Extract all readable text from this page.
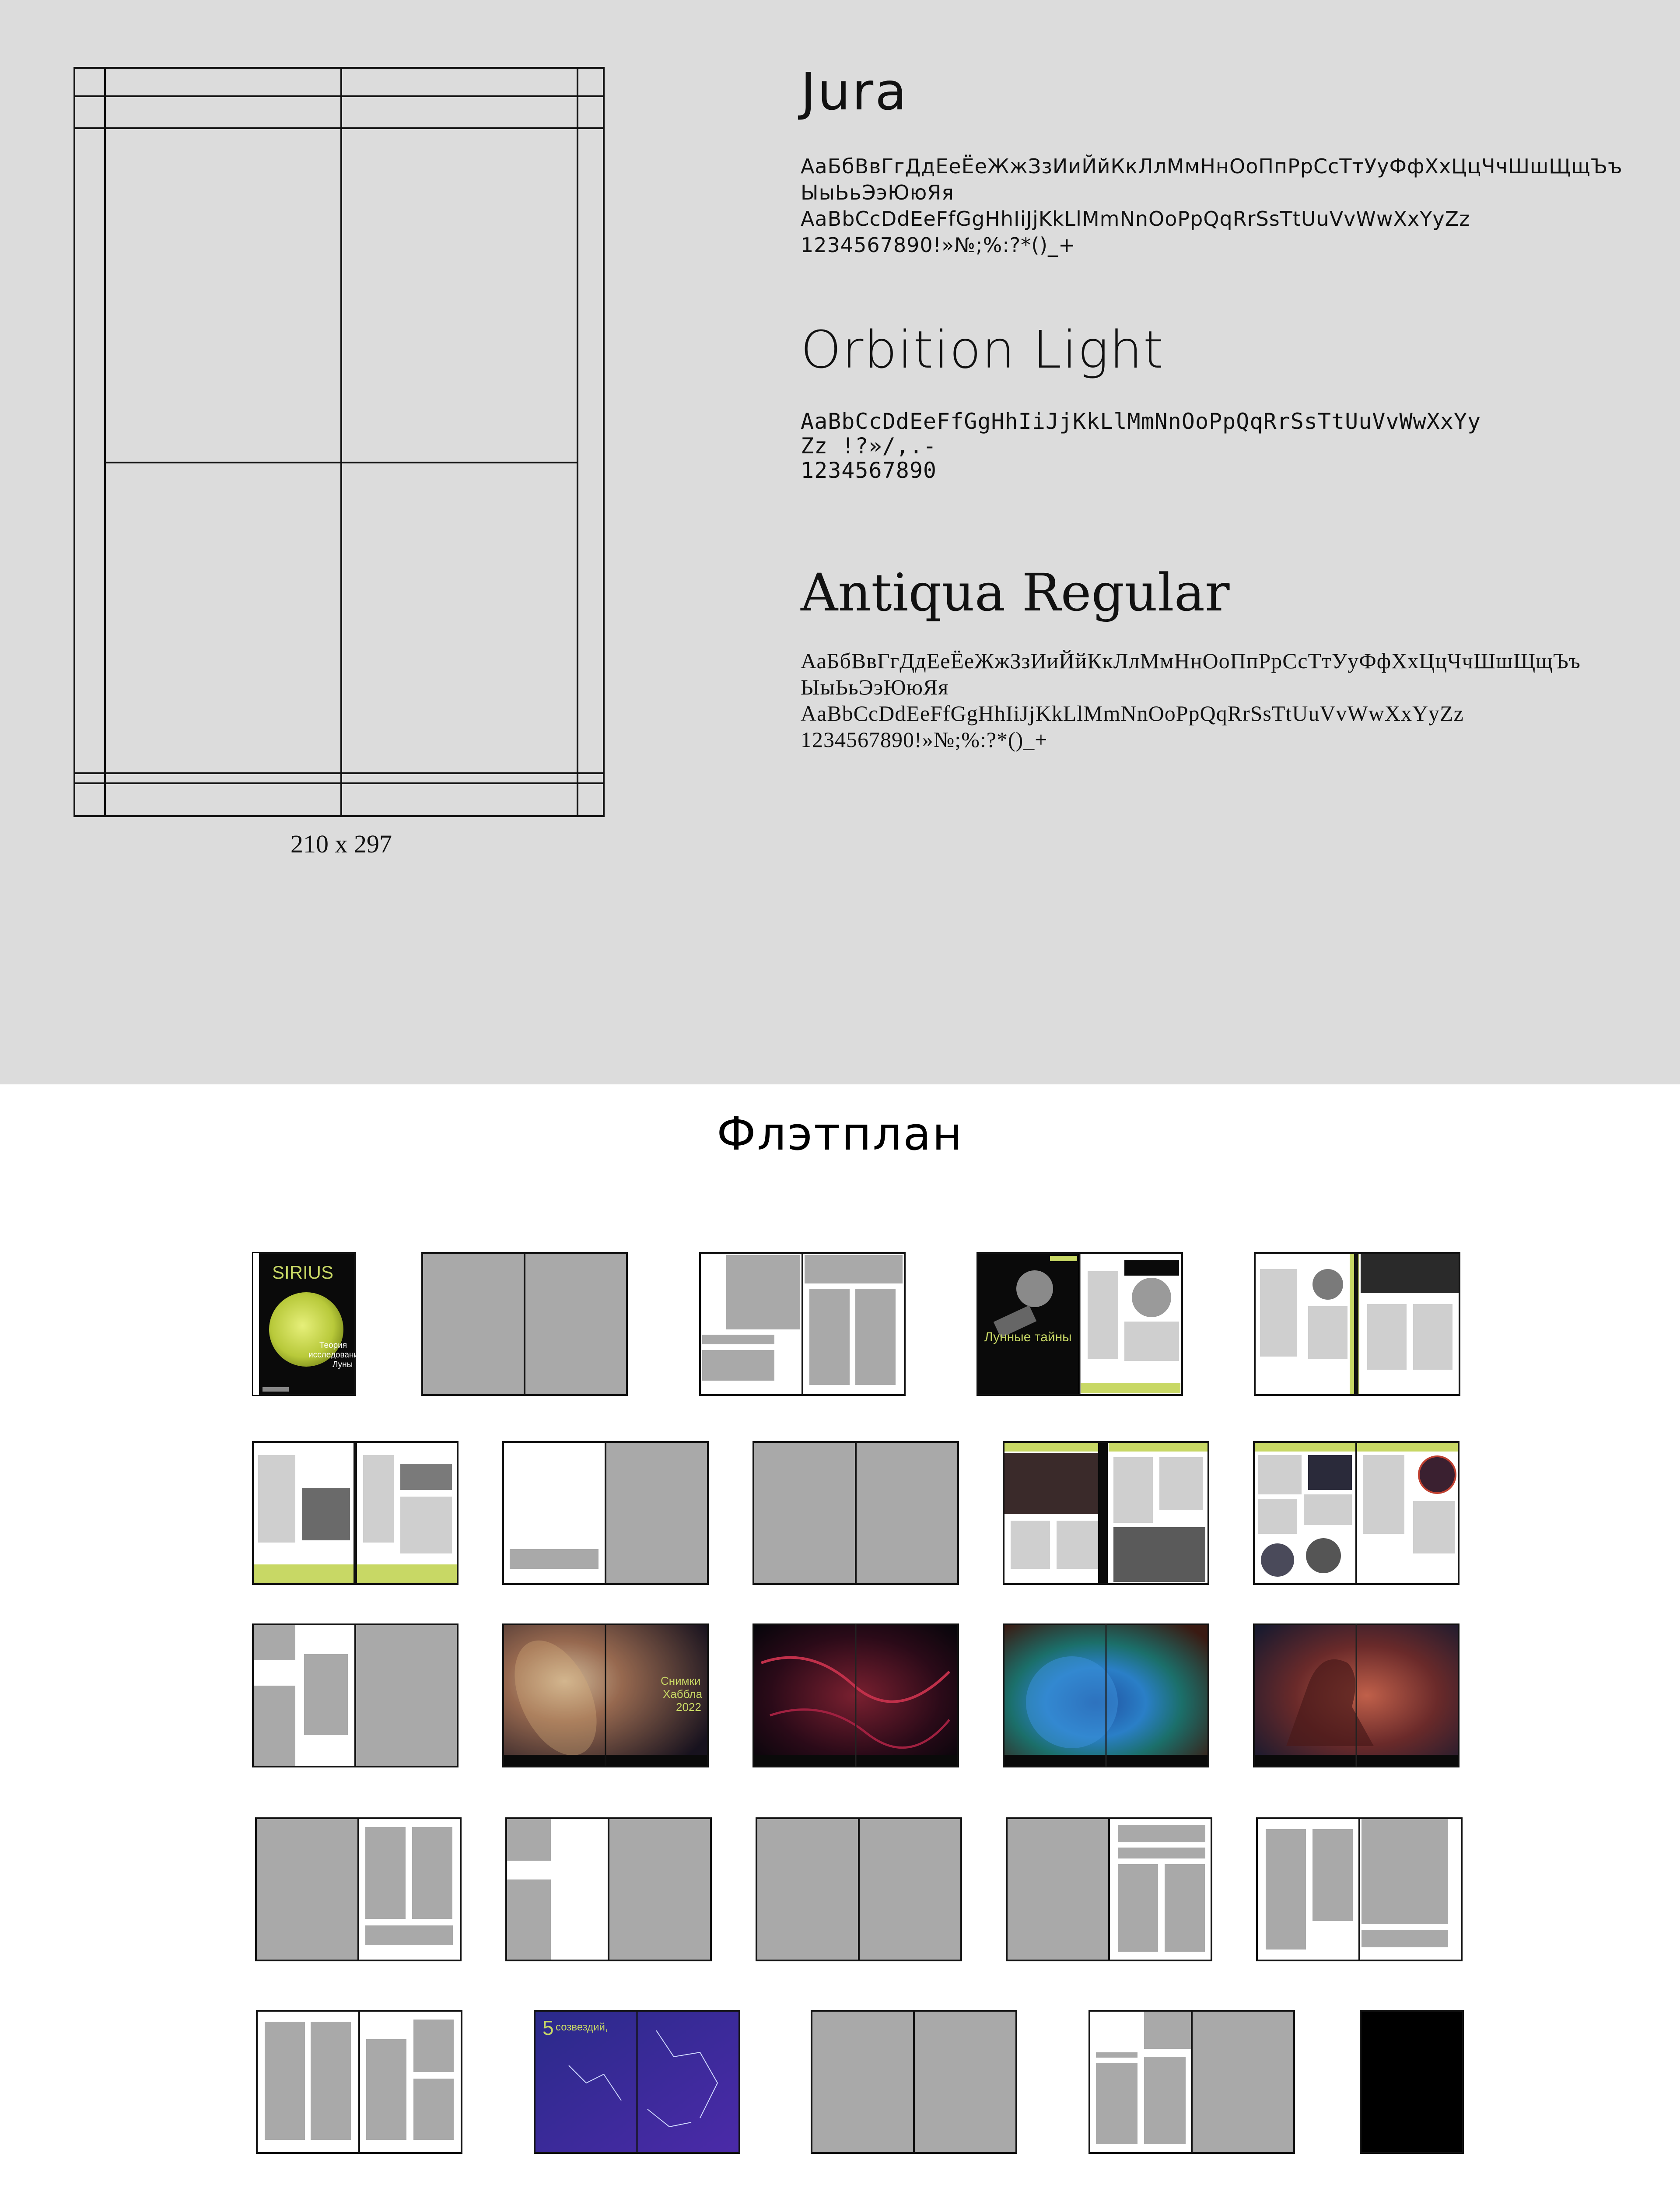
210 x 297
Jura
АаБбВвГгДдЕеЁеЖжЗзИиЙйКкЛлМмНнОоПпРрСсТтУуФфХхЦцЧчШшЩщЪъ
ЫыЬьЭэЮюЯя
AaBbCcDdEeFfGgHhIiJjKkLlMmNnOoPpQqRrSsTtUuVvWwXxYyZz
1234567890!»№;%:?*()_+
Orbition Light
AaBbCcDdEeFfGgHhIiJjKkLlMmNnOoPpQqRrSsTtUuVvWwXxYy
Zz !?»/,.-
1234567890
Antiqua Regular
АаБбВвГгДдЕеЁеЖжЗзИиЙйКкЛлМмНнОоПпРрСсТтУуФфХхЦцЧчШшЩщЪъ
ЫыЬьЭэЮюЯя
AaBbCcDdEeFfGgHhIiJjKkLlMmNnOoPpQqRrSsTtUuVvWwXxYyZz
1234567890!»№;%:?*()_+
Флэтплан
SIRIUS
Теория
исследования
Луны
Лунные тайны
Снимки
Хаббла
2022
5 созвездий,
